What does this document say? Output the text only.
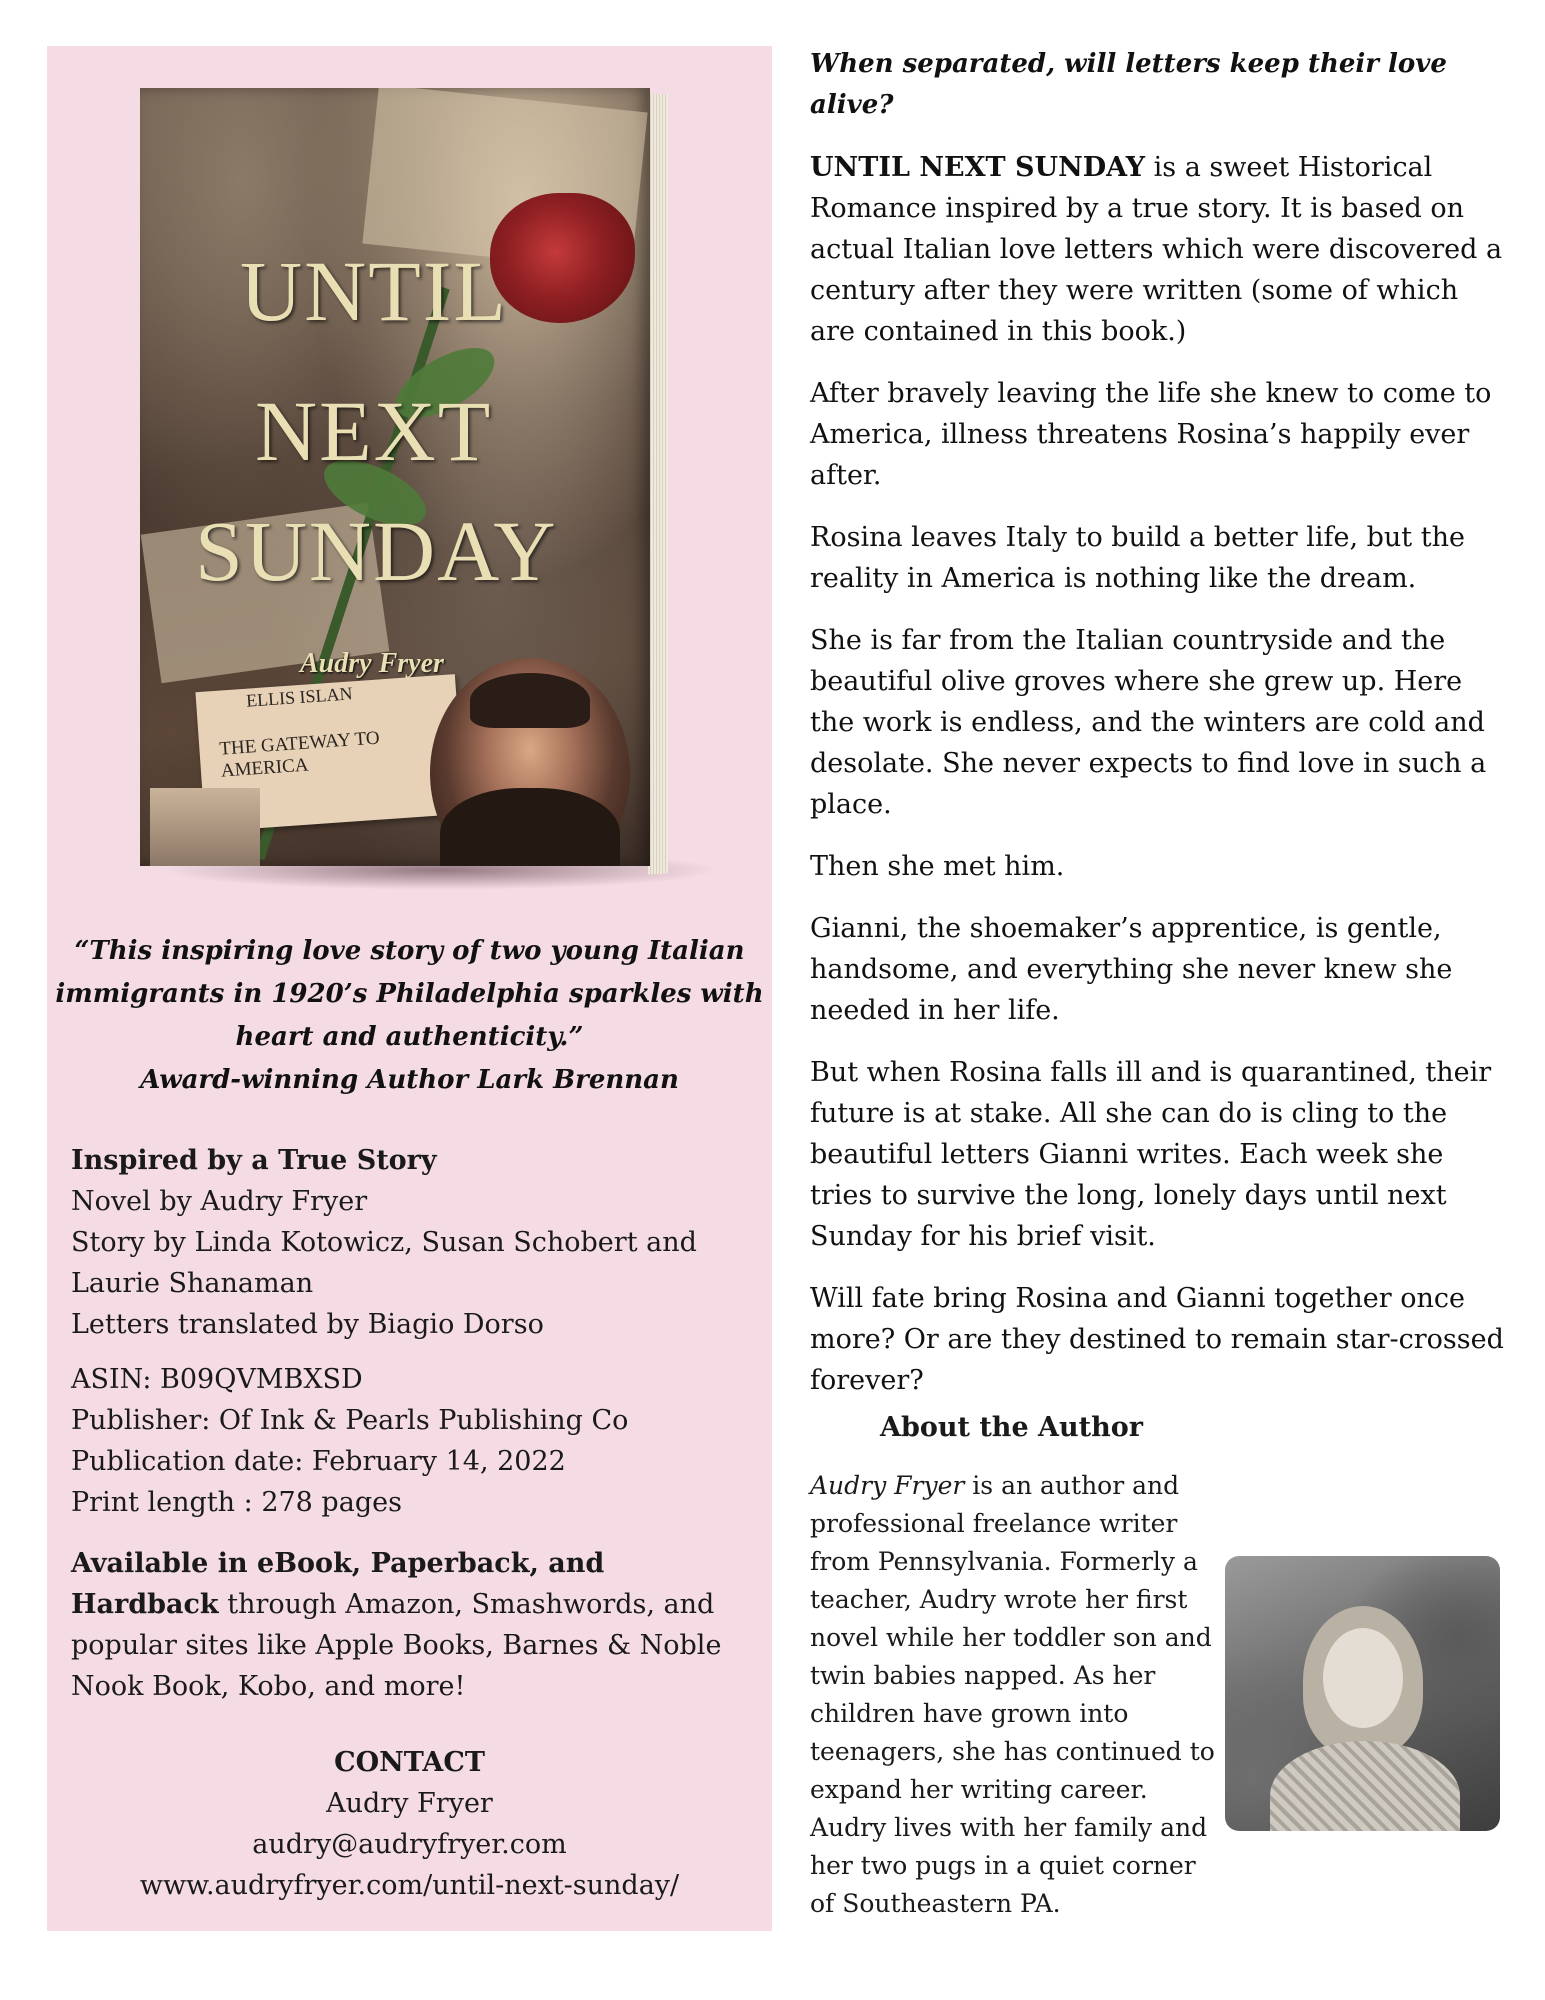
UNTIL
NEXT
SUNDAY
Audry Fryer
ELLIS ISLAN
THE GATEWAY TO AMERICA
“This inspiring love story of two young Italian immigrants in 1920’s Philadelphia sparkles with heart and authenticity.”
Award-winning Author Lark Brennan

Inspired by a True Story

Novel by Audry Fryer

Story by Linda Kotowicz, Susan Schobert and Laurie Shanaman

Letters translated by Biagio Dorso

ASIN: B09QVMBXSD

Publisher: Of Ink & Pearls Publishing Co

Publication date: February 14, 2022

Print length : 278 pages

Available in eBook, Paperback, and Hardback through Amazon, Smashwords, and popular sites like Apple Books, Barnes & Noble Nook Book, Kobo, and more!

CONTACT
Audry Fryer
audry@audryfryer.com
www.audryfryer.com/until-next-sunday/

When separated, will letters keep their love alive?

UNTIL NEXT SUNDAY is a sweet Historical Romance inspired by a true story. It is based on actual Italian love letters which were discovered a century after they were written (some of which are contained in this book.)

After bravely leaving the life she knew to come to America, illness threatens Rosina’s happily ever after.

Rosina leaves Italy to build a better life, but the reality in America is nothing like the dream.

She is far from the Italian countryside and the beautiful olive groves where she grew up. Here the work is endless, and the winters are cold and desolate. She never expects to find love in such a place.

Then she met him.

Gianni, the shoemaker’s apprentice, is gentle, handsome, and everything she never knew she needed in her life.

But when Rosina falls ill and is quarantined, their future is at stake. All she can do is cling to the beautiful letters Gianni writes. Each week she tries to survive the long, lonely days until next Sunday for his brief visit.

Will fate bring Rosina and Gianni together once more? Or are they destined to remain star-crossed forever?

About the Author
Audry Fryer is an author and professional freelance writer from Pennsylvania. Formerly a teacher, Audry wrote her first novel while her toddler son and twin babies napped. As her children have grown into teenagers, she has continued to expand her writing career. Audry lives with her family and her two pugs in a quiet corner of Southeastern PA.
